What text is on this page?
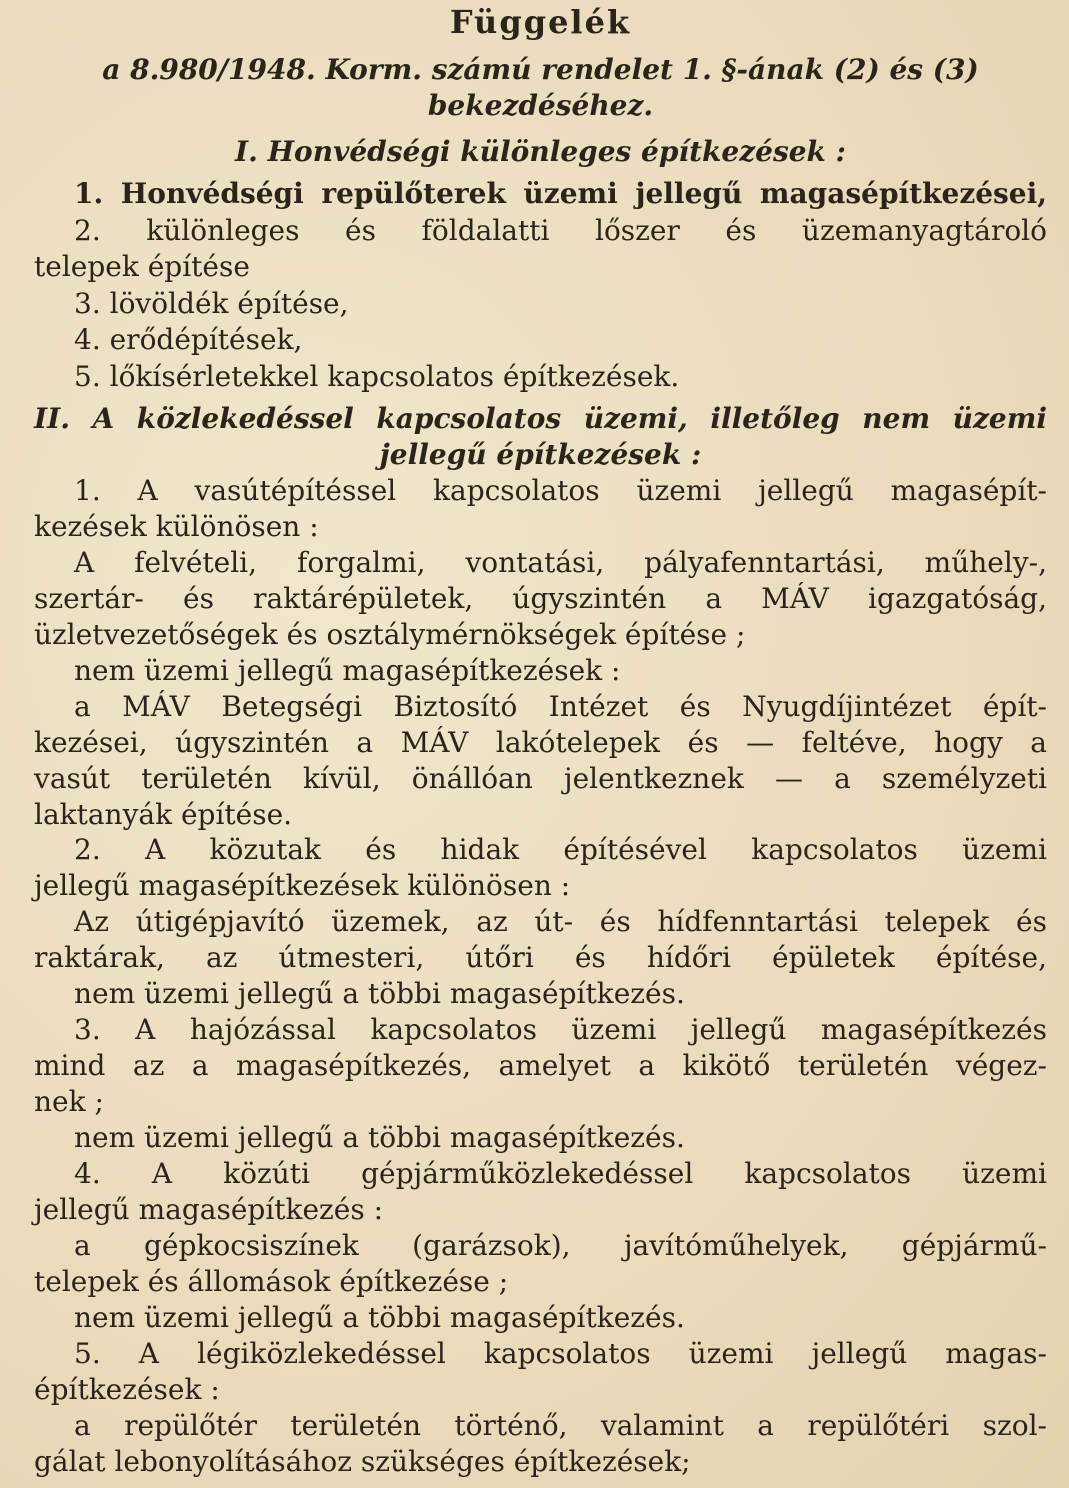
Függelék
a 8.980/1948. Korm. számú rendelet 1. §-ának (2) és (3)
bekezdéséhez.
I. Honvédségi különleges építkezések :
1. Honvédségi repülőterek üzemi jellegű magasépítkezései,
2. különleges és földalatti lőszer és üzemanyagtároló
telepek építése
3. lövöldék építése,
4. erődépítések,
5. lőkísérletekkel kapcsolatos építkezések.
II. A közlekedéssel kapcsolatos üzemi, illetőleg nem üzemi
jellegű építkezések :
1. A vasútépítéssel kapcsolatos üzemi jellegű magasépít-
kezések különösen :
A felvételi, forgalmi, vontatási, pályafenntartási, műhely-,
szertár- és raktárépületek, úgyszintén a MÁV igazgatóság,
üzletvezetőségek és osztálymérnökségek építése ;
nem üzemi jellegű magasépítkezések :
a MÁV Betegségi Biztosító Intézet és Nyugdíjintézet épít-
kezései, úgyszintén a MÁV lakótelepek és — feltéve, hogy a
vasút területén kívül, önállóan jelentkeznek — a személyzeti
laktanyák építése.
2. A közutak és hidak építésével kapcsolatos üzemi
jellegű magasépítkezések különösen :
Az útigépjavító üzemek, az út- és hídfenntartási telepek és
raktárak, az útmesteri, útőri és hídőri épületek építése,
nem üzemi jellegű a többi magasépítkezés.
3. A hajózással kapcsolatos üzemi jellegű magasépítkezés
mind az a magasépítkezés, amelyet a kikötő területén végez-
nek ;
nem üzemi jellegű a többi magasépítkezés.
4. A közúti gépjárműközlekedéssel kapcsolatos üzemi
jellegű magasépítkezés :
a gépkocsiszínek (garázsok), javítóműhelyek, gépjármű-
telepek és állomások építkezése ;
nem üzemi jellegű a többi magasépítkezés.
5. A légiközlekedéssel kapcsolatos üzemi jellegű magas-
építkezések :
a repülőtér területén történő, valamint a repülőtéri szol-
gálat lebonyolításához szükséges építkezések;
